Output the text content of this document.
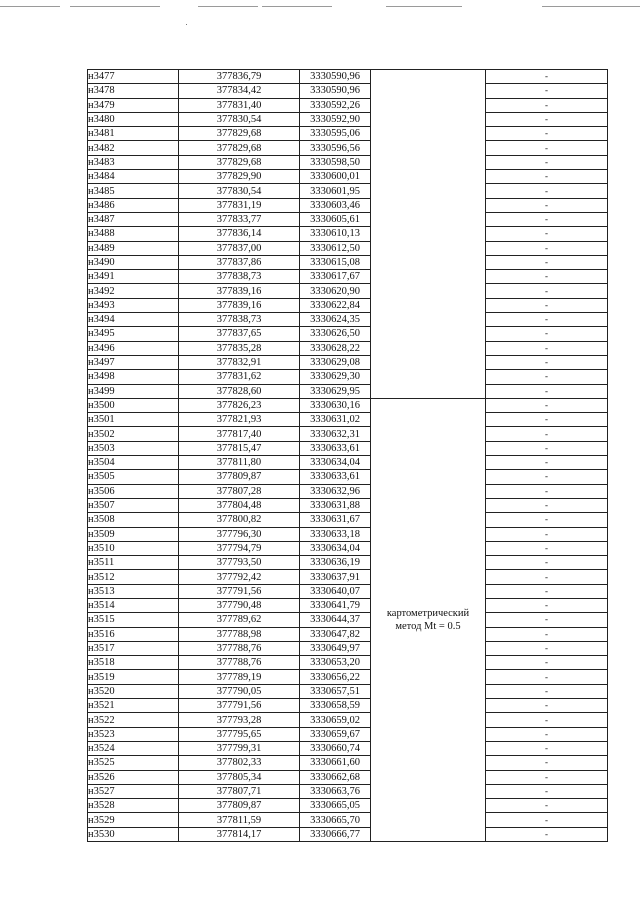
н3477	377836,79	3330590,96		-
н3478	377834,42	3330590,96		-
н3479	377831,40	3330592,26		-
н3480	377830,54	3330592,90		-
н3481	377829,68	3330595,06		-
н3482	377829,68	3330596,56		-
н3483	377829,68	3330598,50		-
н3484	377829,90	3330600,01		-
н3485	377830,54	3330601,95		-
н3486	377831,19	3330603,46		-
н3487	377833,77	3330605,61		-
н3488	377836,14	3330610,13		-
н3489	377837,00	3330612,50		-
н3490	377837,86	3330615,08		-
н3491	377838,73	3330617,67		-
н3492	377839,16	3330620,90		-
н3493	377839,16	3330622,84		-
н3494	377838,73	3330624,35		-
н3495	377837,65	3330626,50		-
н3496	377835,28	3330628,22		-
н3497	377832,91	3330629,08		-
н3498	377831,62	3330629,30		-
н3499	377828,60	3330629,95		-
н3500	377826,23	3330630,16	картометрический
метод Mt = 0.5	-
н3501	377821,93	3330631,02		-
н3502	377817,40	3330632,31		-
н3503	377815,47	3330633,61		-
н3504	377811,80	3330634,04		-
н3505	377809,87	3330633,61		-
н3506	377807,28	3330632,96		-
н3507	377804,48	3330631,88		-
н3508	377800,82	3330631,67		-
н3509	377796,30	3330633,18		-
н3510	377794,79	3330634,04		-
н3511	377793,50	3330636,19		-
н3512	377792,42	3330637,91		-
н3513	377791,56	3330640,07		-
н3514	377790,48	3330641,79		-
н3515	377789,62	3330644,37		-
н3516	377788,98	3330647,82		-
н3517	377788,76	3330649,97		-
н3518	377788,76	3330653,20		-
н3519	377789,19	3330656,22		-
н3520	377790,05	3330657,51		-
н3521	377791,56	3330658,59		-
н3522	377793,28	3330659,02		-
н3523	377795,65	3330659,67		-
н3524	377799,31	3330660,74		-
н3525	377802,33	3330661,60		-
н3526	377805,34	3330662,68		-
н3527	377807,71	3330663,76		-
н3528	377809,87	3330665,05		-
н3529	377811,59	3330665,70		-
н3530	377814,17	3330666,77		-
